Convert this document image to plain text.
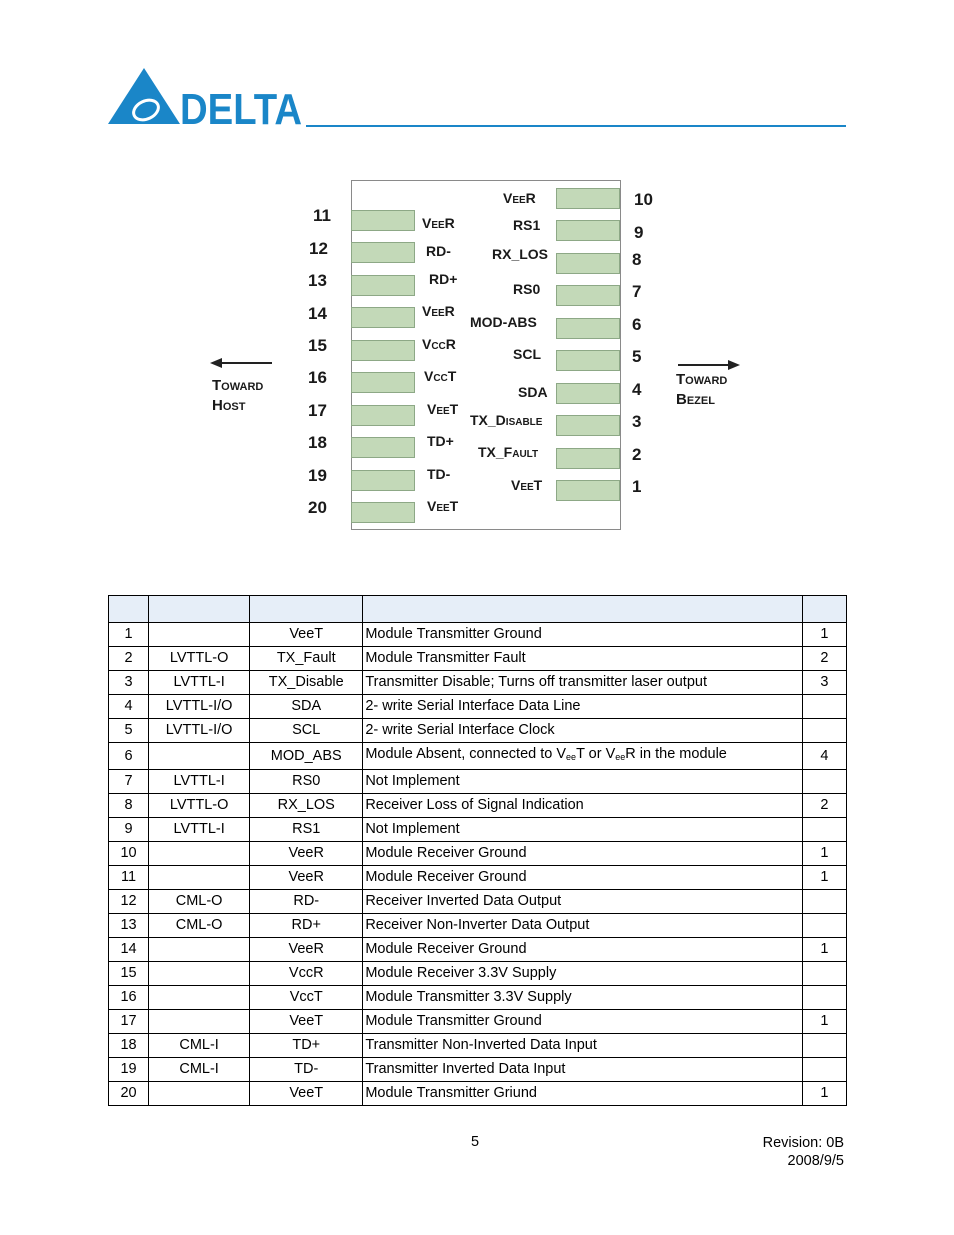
DELTA
Toward
Host
Toward
Bezel
11
12
13
14
15
16
17
18
19
20
VeeR
RD-
RD+
VeeR
VccR
VccT
VeeT
TD+
TD-
VeeT
10
9
8
7
6
5
4
3
2
1
VeeR
RS1
RX_LOS
RS0
MOD-ABS
SCL
SDA
TX_Disable
TX_Fault
VeeT

1		VeeT	Module Transmitter Ground	1
2	LVTTL-O	TX_Fault	Module Transmitter Fault	2
3	LVTTL-I	TX_Disable	Transmitter Disable; Turns off transmitter laser output	3
4	LVTTL-I/O	SDA	2- write Serial Interface Data Line	
5	LVTTL-I/O	SCL	2- write Serial Interface Clock	
6		MOD_ABS	Module Absent, connected to $V_{ee}T$ or $V_{ee}R$ in the module	4
7	LVTTL-I	RS0	Not Implement	
8	LVTTL-O	RX_LOS	Receiver Loss of Signal Indication	2
9	LVTTL-I	RS1	Not Implement	
10		VeeR	Module Receiver Ground	1
11		VeeR	Module Receiver Ground	1
12	CML-O	RD-	Receiver Inverted Data Output	
13	CML-O	RD+	Receiver Non-Inverter Data Output	
14		VeeR	Module Receiver Ground	1
15		VccR	Module Receiver 3.3V Supply	
16		VccT	Module Transmitter 3.3V Supply	
17		VeeT	Module Transmitter Ground	1
18	CML-I	TD+	Transmitter Non-Inverted Data Input	
19	CML-I	TD-	Transmitter Inverted Data Input	
20		VeeT	Module Transmitter Griund	1
5	Revision: 0B
2008/9/5
